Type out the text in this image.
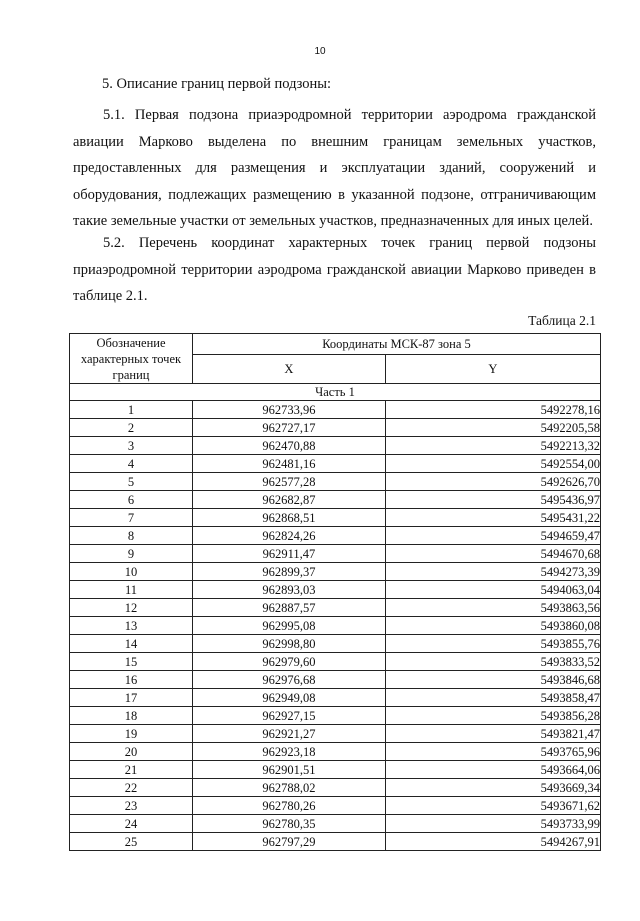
10
5. Описание границ первой подзоны:
5.1. Первая подзона приаэродромной территории аэродрома гражданской авиации Марково выделена по внешним границам земельных участков, предоставленных для размещения и эксплуатации зданий, сооружений и оборудования, подлежащих размещению в указанной подзоне, отграничивающим такие земельные участки от земельных участков, предназначенных для иных целей.
5.2. Перечень координат характерных точек границ первой подзоны приаэродромной территории аэродрома гражданской авиации Марково приведен в таблице 2.1.
Таблица 2.1
Обозначение характерных точек границ	Координаты МСК-87 зона 5	
	X	Y
Часть 1		
1	962733,96	5492278,16
2	962727,17	5492205,58
3	962470,88	5492213,32
4	962481,16	5492554,00
5	962577,28	5492626,70
6	962682,87	5495436,97
7	962868,51	5495431,22
8	962824,26	5494659,47
9	962911,47	5494670,68
10	962899,37	5494273,39
11	962893,03	5494063,04
12	962887,57	5493863,56
13	962995,08	5493860,08
14	962998,80	5493855,76
15	962979,60	5493833,52
16	962976,68	5493846,68
17	962949,08	5493858,47
18	962927,15	5493856,28
19	962921,27	5493821,47
20	962923,18	5493765,96
21	962901,51	5493664,06
22	962788,02	5493669,34
23	962780,26	5493671,62
24	962780,35	5493733,99
25	962797,29	5494267,91
